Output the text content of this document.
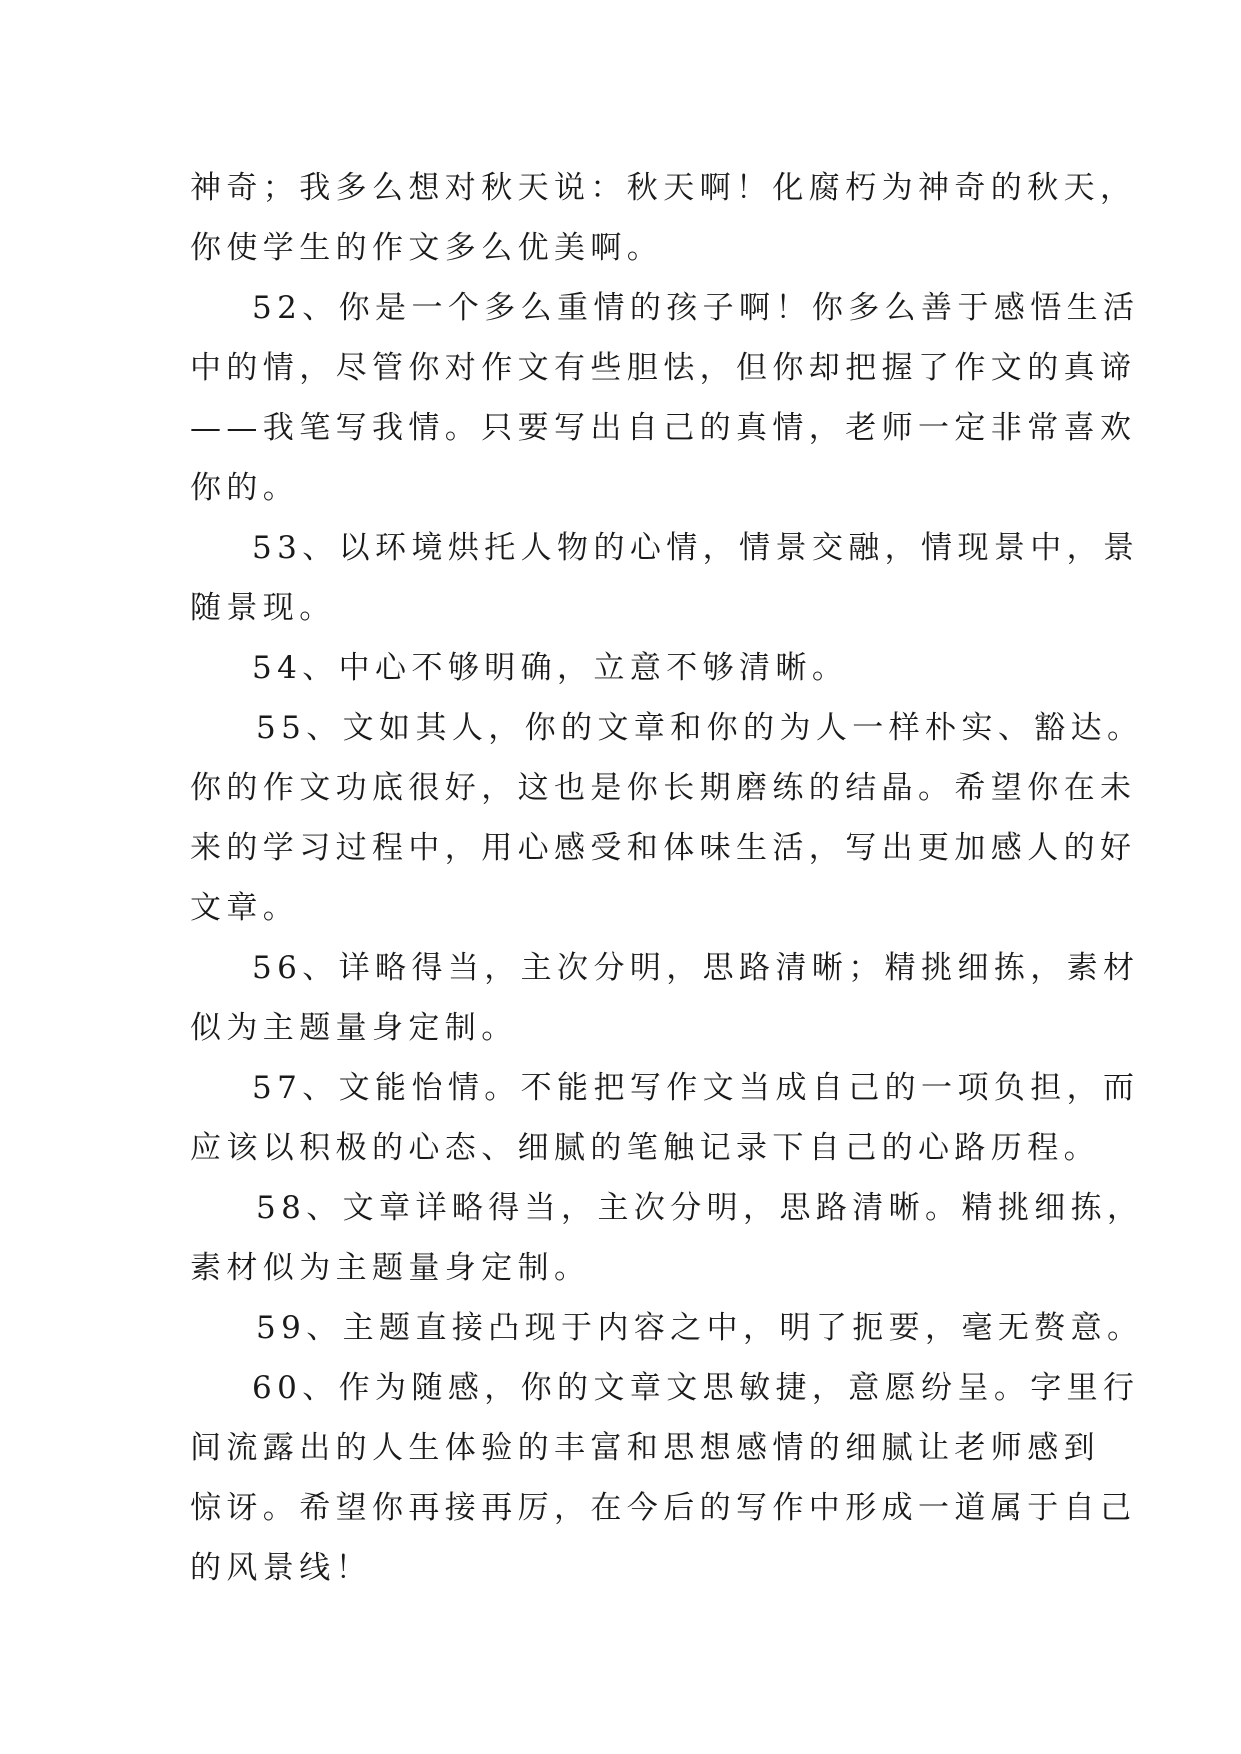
神奇；我多么想对秋天说：秋天啊！化腐朽为神奇的秋天，
你使学生的作文多么优美啊。
52、你是一个多么重情的孩子啊！你多么善于感悟生活
中的情，尽管你对作文有些胆怯，但你却把握了作文的真谛
——我笔写我情。只要写出自己的真情，老师一定非常喜欢
你的。
53、以环境烘托人物的心情，情景交融，情现景中，景
随景现。
54、中心不够明确，立意不够清晰。
55、文如其人，你的文章和你的为人一样朴实、豁达。
你的作文功底很好，这也是你长期磨练的结晶。希望你在未
来的学习过程中，用心感受和体味生活，写出更加感人的好
文章。
56、详略得当，主次分明，思路清晰；精挑细拣，素材
似为主题量身定制。
57、文能怡情。不能把写作文当成自己的一项负担，而
应该以积极的心态、细腻的笔触记录下自己的心路历程。
58、文章详略得当，主次分明，思路清晰。精挑细拣，
素材似为主题量身定制。
59、主题直接凸现于内容之中，明了扼要，毫无赘意。
60、作为随感，你的文章文思敏捷，意愿纷呈。字里行
间流露出的人生体验的丰富和思想感情的细腻让老师感到
惊讶。希望你再接再厉，在今后的写作中形成一道属于自己
的风景线！
